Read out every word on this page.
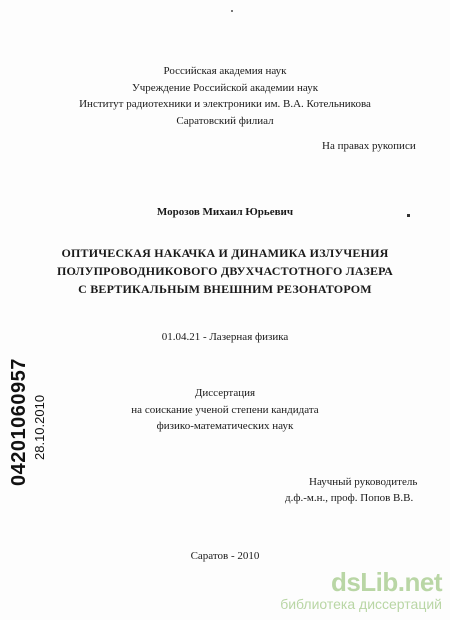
Российская академия наук
Учреждение Российской академии наук
Институт радиотехники и электроники им. В.А. Котельникова
Саратовский филиал
На правах рукописи
Морозов Михаил Юрьевич
ОПТИЧЕСКАЯ НАКАЧКА И ДИНАМИКА ИЗЛУЧЕНИЯ
ПОЛУПРОВОДНИКОВОГО ДВУХЧАСТОТНОГО ЛАЗЕРА
С ВЕРТИКАЛЬНЫМ ВНЕШНИМ РЕЗОНАТОРОМ
01.04.21 - Лазерная физика
Диссертация
на соискание ученой степени кандидата
физико-математических наук
Научный руководитель
д.ф.-м.н., проф. Попов В.В.
Саратов - 2010
04201060957 28.10.2010
dsLib.net
библиотека диссертаций
